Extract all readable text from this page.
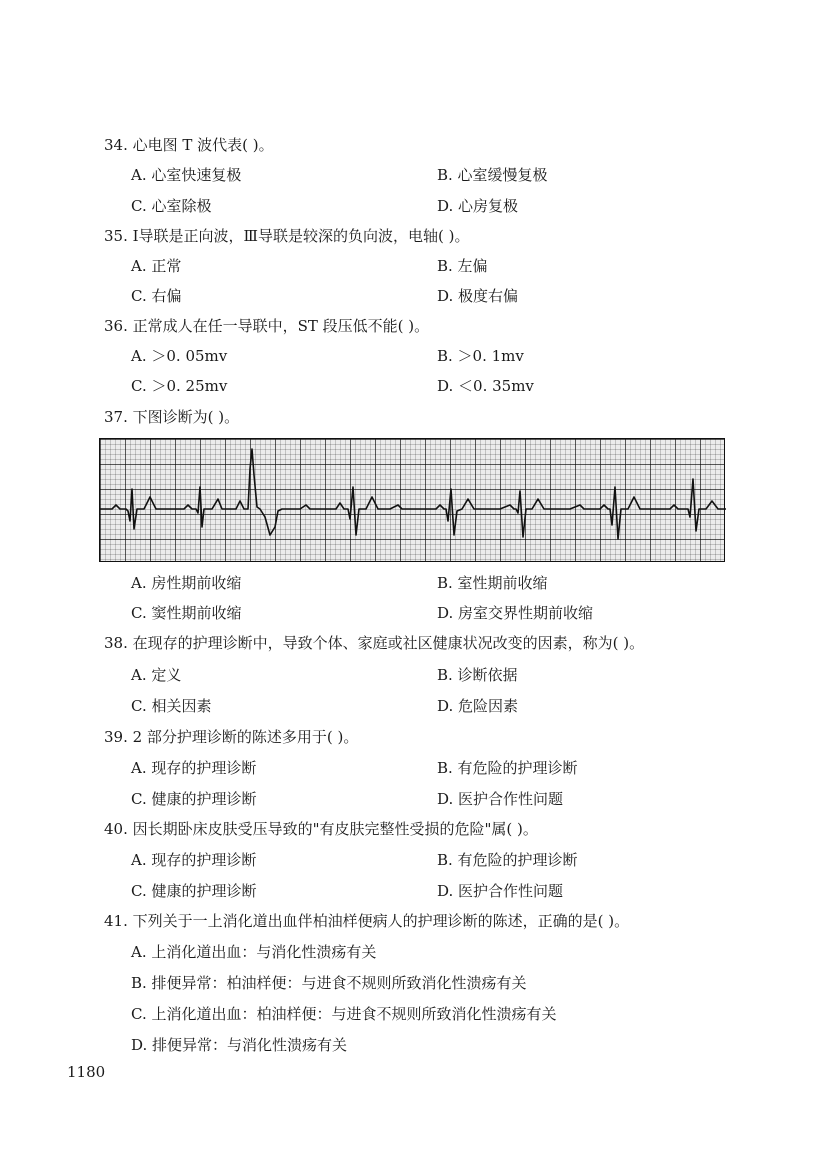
34. 心电图 T 波代表( )。
A. 心室快速复极	B. 心室缓慢复极
C. 心室除极	D. 心房复极
35. Ⅰ导联是正向波，Ⅲ导联是较深的负向波，电轴( )。
A. 正常	B. 左偏
C. 右偏	D. 极度右偏
36. 正常成人在任一导联中，ST 段压低不能( )。
A. ＞0. 05mv	B. ＞0. 1mv
C. ＞0. 25mv	D. ＜0. 35mv
37. 下图诊断为( )。
A. 房性期前收缩	B. 室性期前收缩
C. 窦性期前收缩	D. 房室交界性期前收缩
38. 在现存的护理诊断中，导致个体、家庭或社区健康状况改变的因素，称为( )。
A. 定义	B. 诊断依据
C. 相关因素	D. 危险因素
39. 2 部分护理诊断的陈述多用于( )。
A. 现存的护理诊断	B. 有危险的护理诊断
C. 健康的护理诊断	D. 医护合作性问题
40. 因长期卧床皮肤受压导致的"有皮肤完整性受损的危险"属( )。
A. 现存的护理诊断	B. 有危险的护理诊断
C. 健康的护理诊断	D. 医护合作性问题
41. 下列关于一上消化道出血伴柏油样便病人的护理诊断的陈述，正确的是( )。
A. 上消化道出血：与消化性溃疡有关
B. 排便异常：柏油样便：与进食不规则所致消化性溃疡有关
C. 上消化道出血：柏油样便：与进食不规则所致消化性溃疡有关
D. 排便异常：与消化性溃疡有关
1180
